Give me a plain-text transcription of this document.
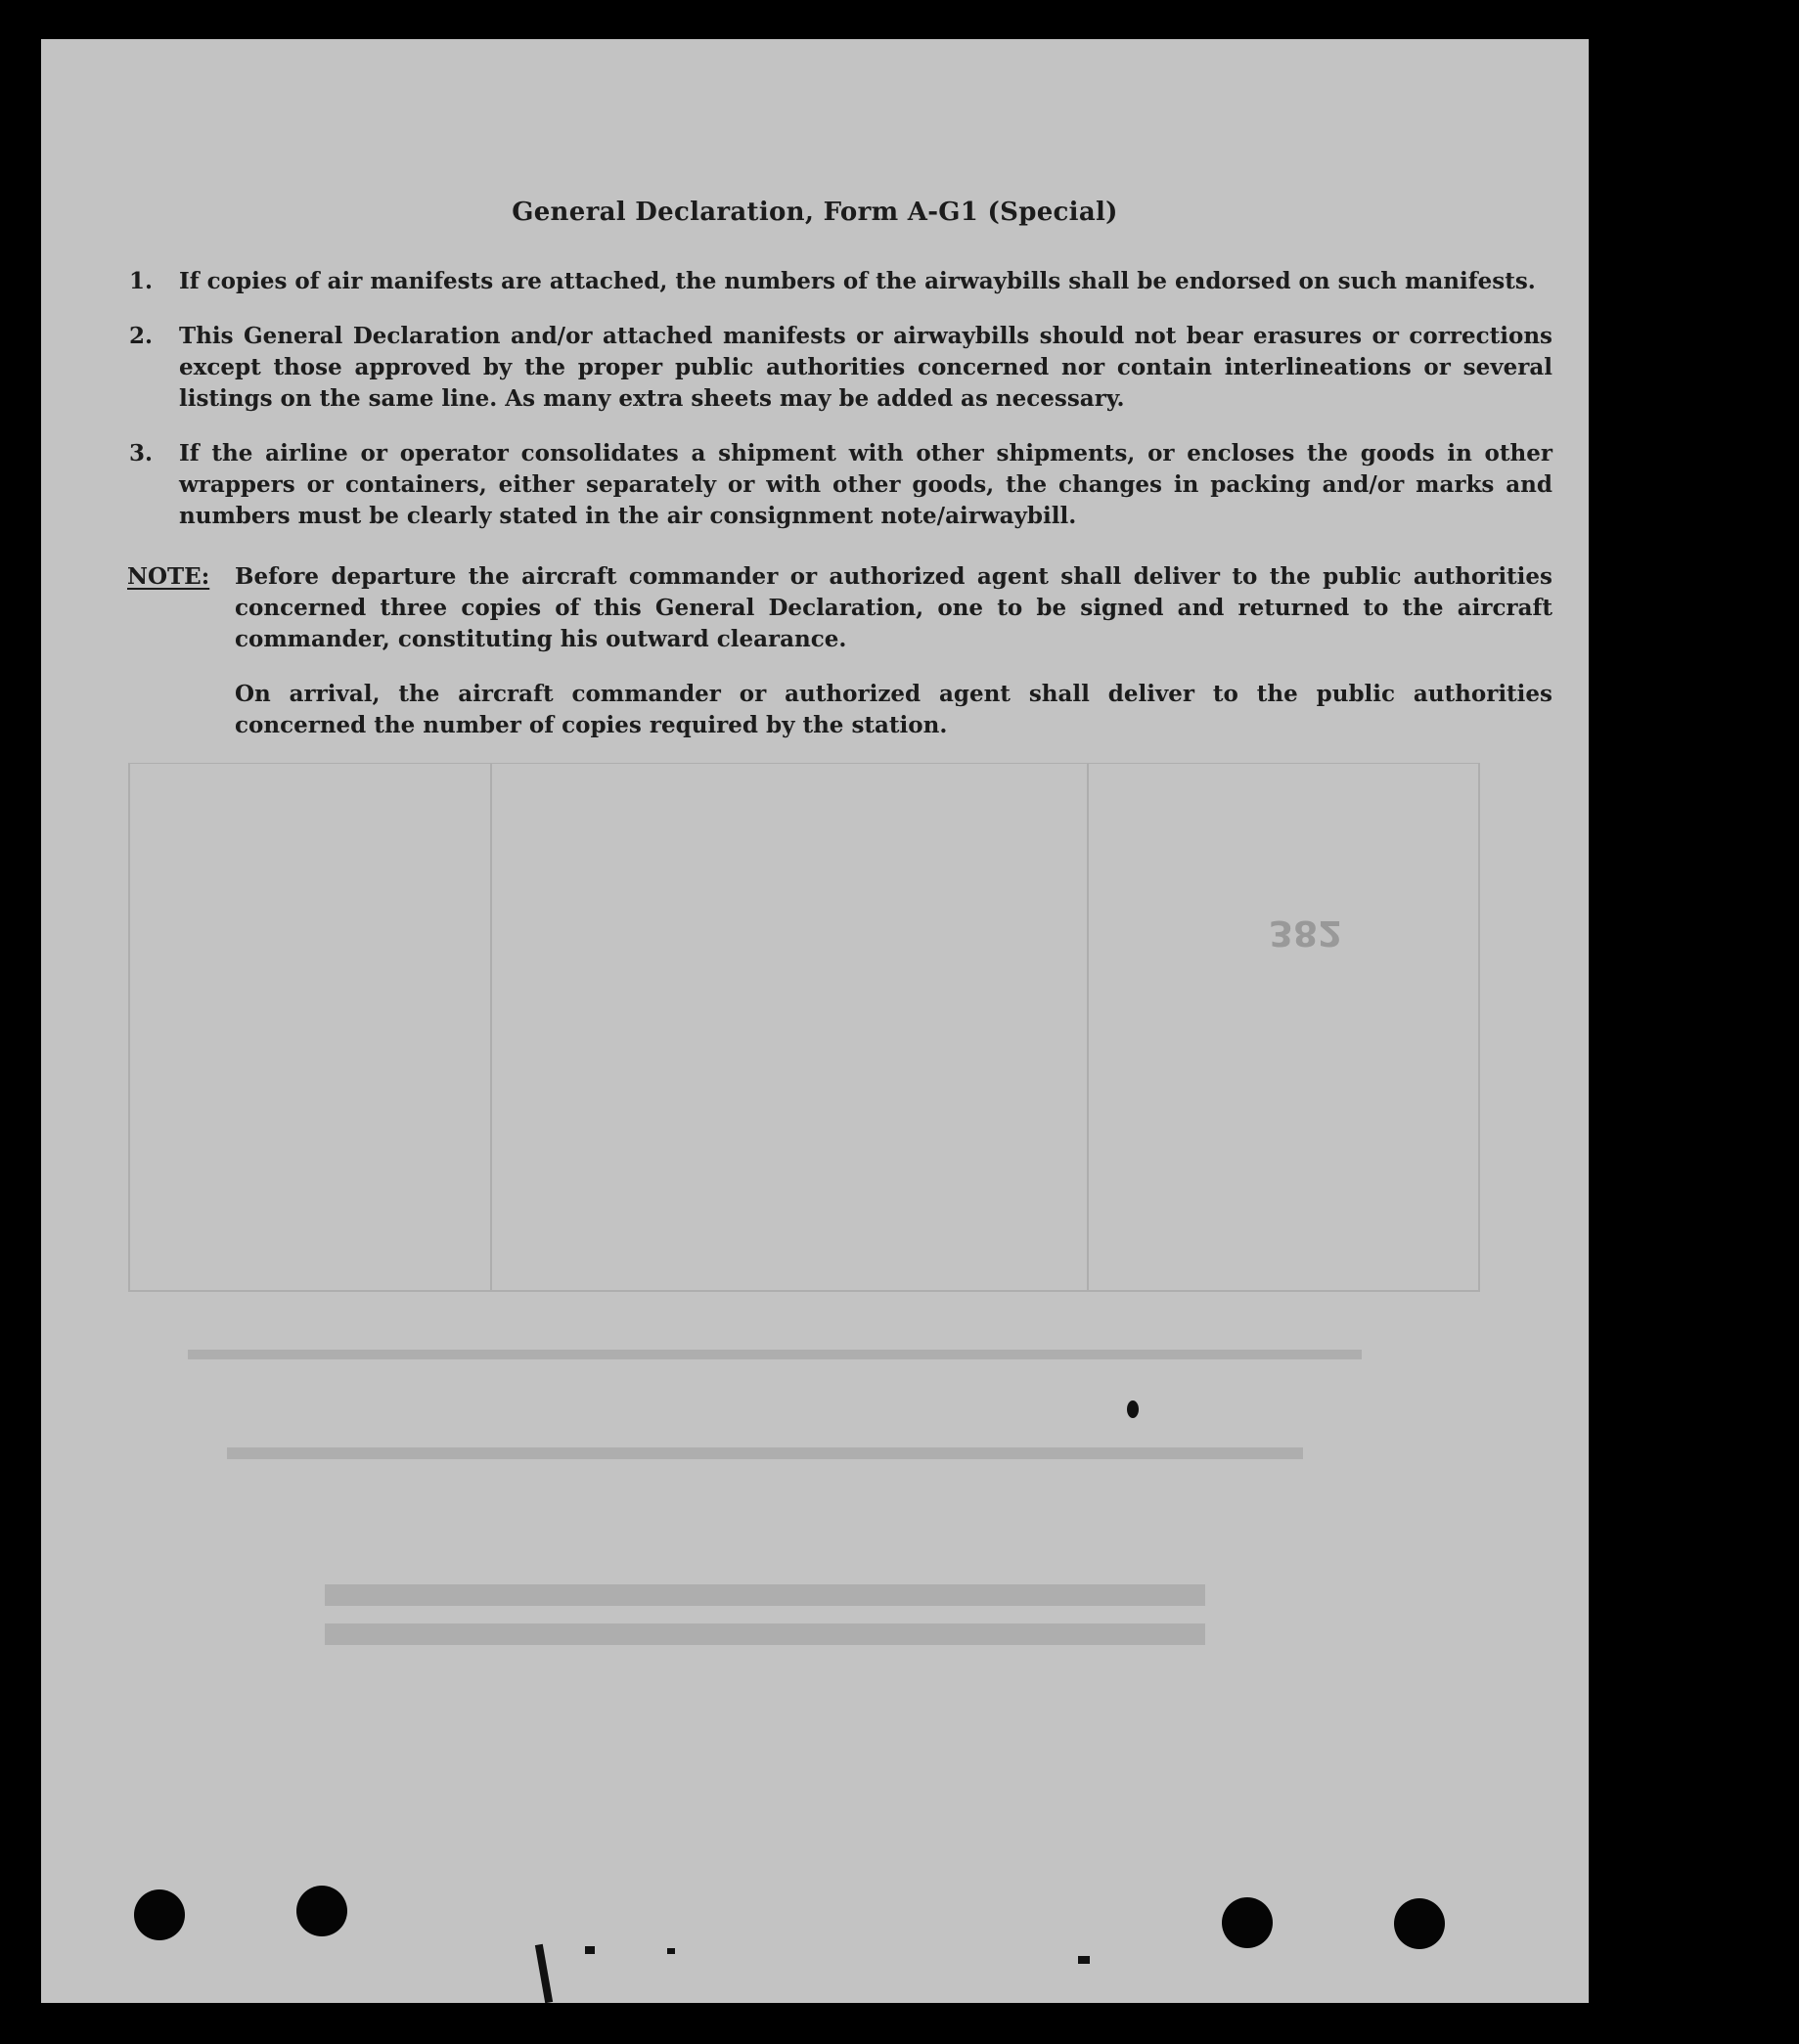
General Declaration, Form A-G1 (Special)
1.	If copies of air manifests are attached, the numbers of the airwaybills shall be endorsed on such manifests.
2.	This General Declaration and/or attached manifests or airwaybills should not bear erasures or corrections except those approved by the proper public authorities concerned nor contain interlineations or several listings on the same line. As many extra sheets may be added as necessary.
3.	If the airline or operator consolidates a shipment with other shipments, or encloses the goods in other wrappers or containers, either separately or with other goods, the changes in packing and/or marks and numbers must be clearly stated in the air consignment note/airwaybill.
NOTE: Before departure the aircraft commander or authorized agent shall deliver to the public authorities concerned three copies of this General Declaration, one to be signed and returned to the aircraft commander, constituting his outward clearance.
On arrival, the aircraft commander or authorized agent shall deliver to the public authorities concerned the number of copies required by the station.
382
